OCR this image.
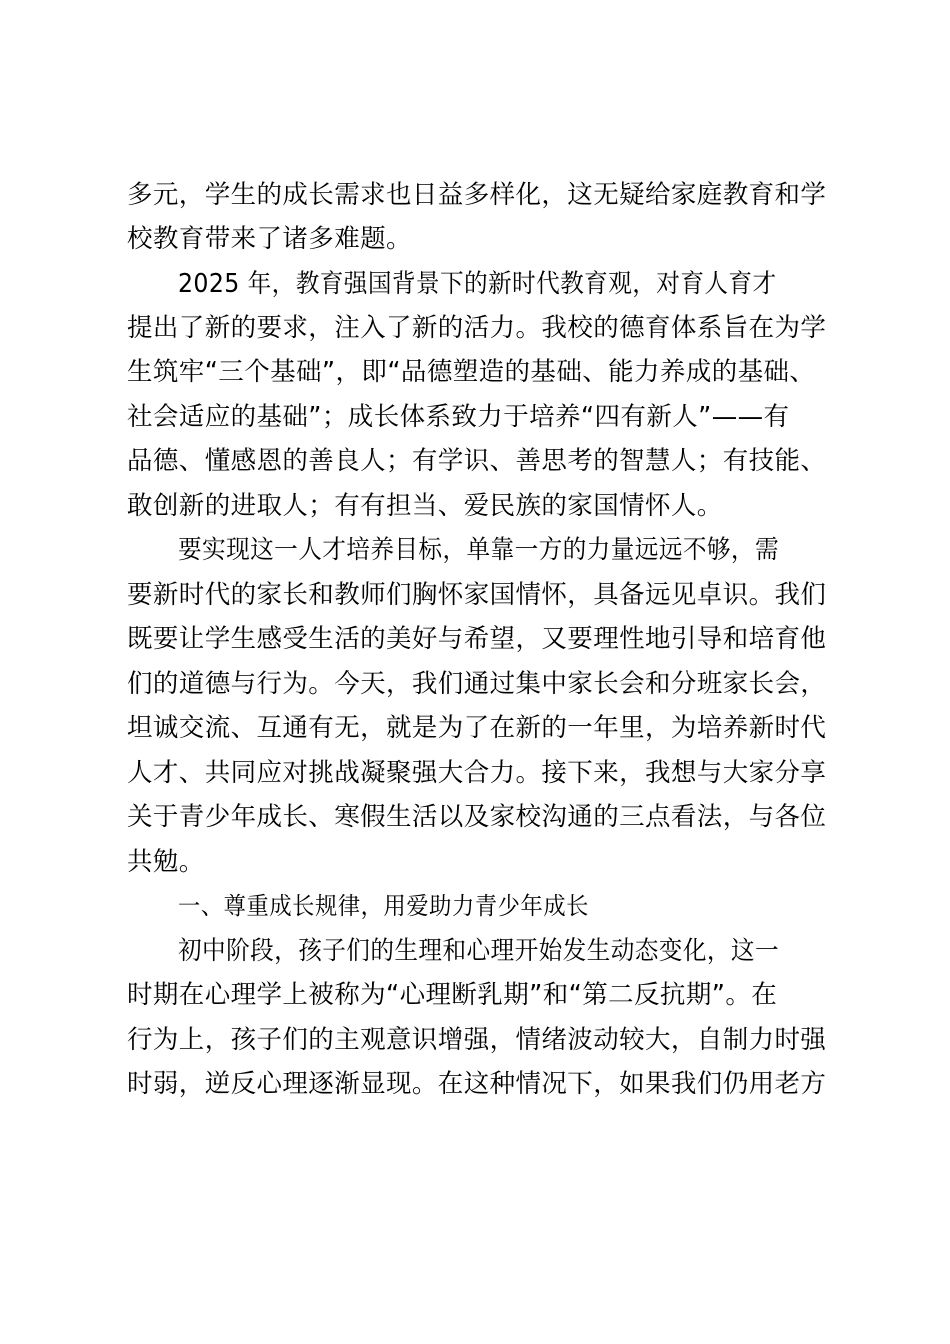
多元，学生的成长需求也日益多样化，这无疑给家庭教育和学
校教育带来了诸多难题。
2025 年，教育强国背景下的新时代教育观，对育人育才
提出了新的要求，注入了新的活力。我校的德育体系旨在为学
生筑牢“三个基础”，即“品德塑造的基础、能力养成的基础、
社会适应的基础”；成长体系致力于培养“四有新人”——有
品德、懂感恩的善良人；有学识、善思考的智慧人；有技能、
敢创新的进取人；有有担当、爱民族的家国情怀人。
要实现这一人才培养目标，单靠一方的力量远远不够，需
要新时代的家长和教师们胸怀家国情怀，具备远见卓识。我们
既要让学生感受生活的美好与希望，又要理性地引导和培育他
们的道德与行为。今天，我们通过集中家长会和分班家长会，
坦诚交流、互通有无，就是为了在新的一年里，为培养新时代
人才、共同应对挑战凝聚强大合力。接下来，我想与大家分享
关于青少年成长、寒假生活以及家校沟通的三点看法，与各位
共勉。
一、尊重成长规律，用爱助力青少年成长
初中阶段，孩子们的生理和心理开始发生动态变化，这一
时期在心理学上被称为“心理断乳期”和“第二反抗期”。在
行为上，孩子们的主观意识增强，情绪波动较大，自制力时强
时弱，逆反心理逐渐显现。在这种情况下，如果我们仍用老方
